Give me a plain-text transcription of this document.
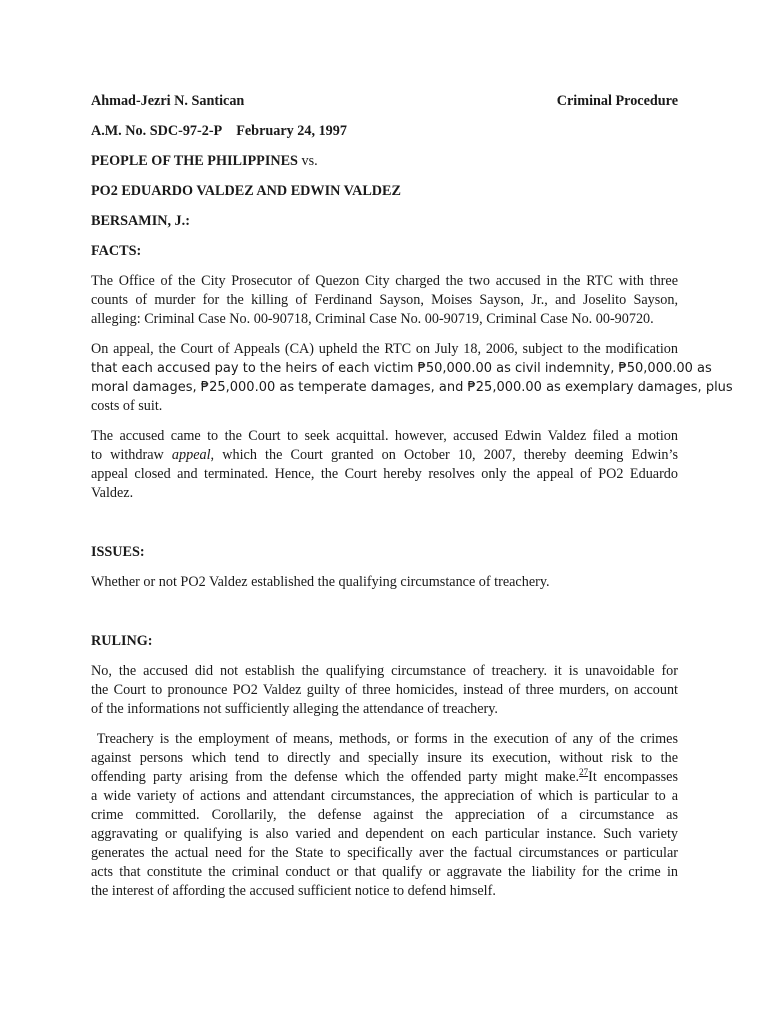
Ahmad-Jezri N. Santican	Criminal Procedure
A.M. No. SDC-97-2-P February 24, 1997
PEOPLE OF THE PHILIPPINES vs.
PO2 EDUARDO VALDEZ AND EDWIN VALDEZ
BERSAMIN, J.:
FACTS:
The Office of the City Prosecutor of Quezon City charged the two accused in the RTC with three
counts of murder for the killing of Ferdinand Sayson, Moises Sayson, Jr., and Joselito Sayson,
alleging: Criminal Case No. 00-90718, Criminal Case No. 00-90719, Criminal Case No. 00-90720.
On appeal, the Court of Appeals (CA) upheld the RTC on July 18, 2006, subject to the modification
that each accused pay to the heirs of each victim ₱50,000.00 as civil indemnity, ₱50,000.00 as
moral damages, ₱25,000.00 as temperate damages, and ₱25,000.00 as exemplary damages, plus
costs of suit.
The accused came to the Court to seek acquittal. however, accused Edwin Valdez filed a motion
to withdraw appeal, which the Court granted on October 10, 2007, thereby deeming Edwin’s
appeal closed and terminated. Hence, the Court hereby resolves only the appeal of PO2 Eduardo
Valdez.
ISSUES:
Whether or not PO2 Valdez established the qualifying circumstance of treachery.
RULING:
No, the accused did not establish the qualifying circumstance of treachery. it is unavoidable for
the Court to pronounce PO2 Valdez guilty of three homicides, instead of three murders, on account
of the informations not sufficiently alleging the attendance of treachery.
Treachery is the employment of means, methods, or forms in the execution of any of the crimes
against persons which tend to directly and specially insure its execution, without risk to the
offending party arising from the defense which the offended party might make.$^{27}$It encompasses
a wide variety of actions and attendant circumstances, the appreciation of which is particular to a
crime committed. Corollarily, the defense against the appreciation of a circumstance as
aggravating or qualifying is also varied and dependent on each particular instance. Such variety
generates the actual need for the State to specifically aver the factual circumstances or particular
acts that constitute the criminal conduct or that qualify or aggravate the liability for the crime in
the interest of affording the accused sufficient notice to defend himself.
